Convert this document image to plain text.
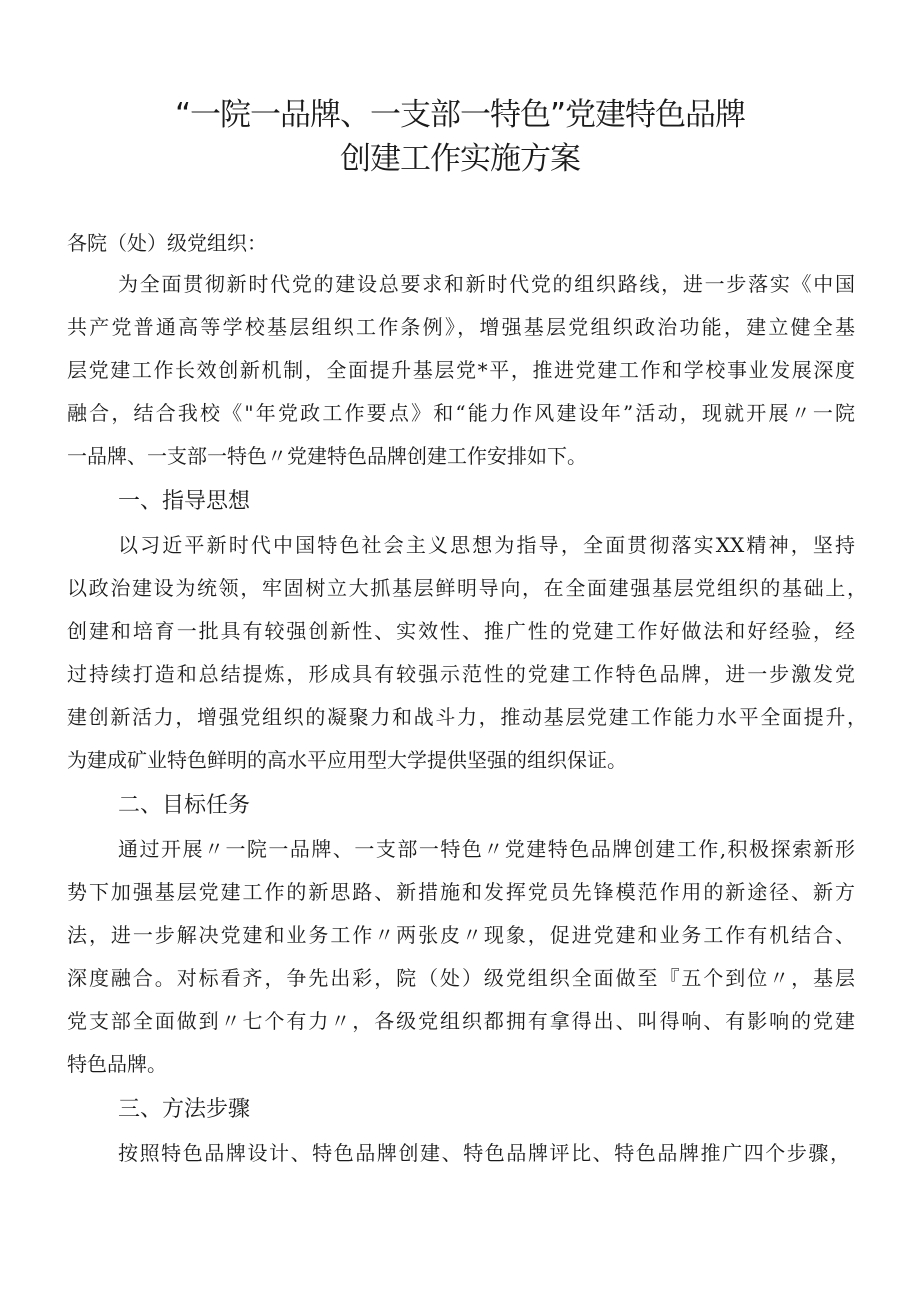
“一院一品牌、一支部一特色”党建特色品牌
创建工作实施方案
各院（处）级党组织：
为全面贯彻新时代党的建设总要求和新时代党的组织路线，进一步落实《中国
共产党普通高等学校基层组织工作条例》，增强基层党组织政治功能，建立健全基
层党建工作长效创新机制，全面提升基层党*平，推进党建工作和学校事业发展深度
融合，结合我校《"年党政工作要点》和“能力作风建设年”活动，现就开展〃一院
一品牌、一支部一特色〃党建特色品牌创建工作安排如下。
一、指导思想
以习近平新时代中国特色社会主义思想为指导，全面贯彻落实XX精神，坚持
以政治建设为统领，牢固树立大抓基层鲜明导向，在全面建强基层党组织的基础上，
创建和培育一批具有较强创新性、实效性、推广性的党建工作好做法和好经验，经
过持续打造和总结提炼，形成具有较强示范性的党建工作特色品牌，进一步激发党
建创新活力，增强党组织的凝聚力和战斗力，推动基层党建工作能力水平全面提升，
为建成矿业特色鲜明的高水平应用型大学提供坚强的组织保证。
二、目标任务
通过开展〃一院一品牌、一支部一特色〃党建特色品牌创建工作,积极探索新形
势下加强基层党建工作的新思路、新措施和发挥党员先锋模范作用的新途径、新方
法，进一步解决党建和业务工作〃两张皮〃现象，促进党建和业务工作有机结合、
深度融合。对标看齐，争先出彩，院（处）级党组织全面做至『五个到位〃，基层
党支部全面做到〃七个有力〃，各级党组织都拥有拿得出、叫得响、有影响的党建
特色品牌。
三、方法步骤
按照特色品牌设计、特色品牌创建、特色品牌评比、特色品牌推广四个步骤，
